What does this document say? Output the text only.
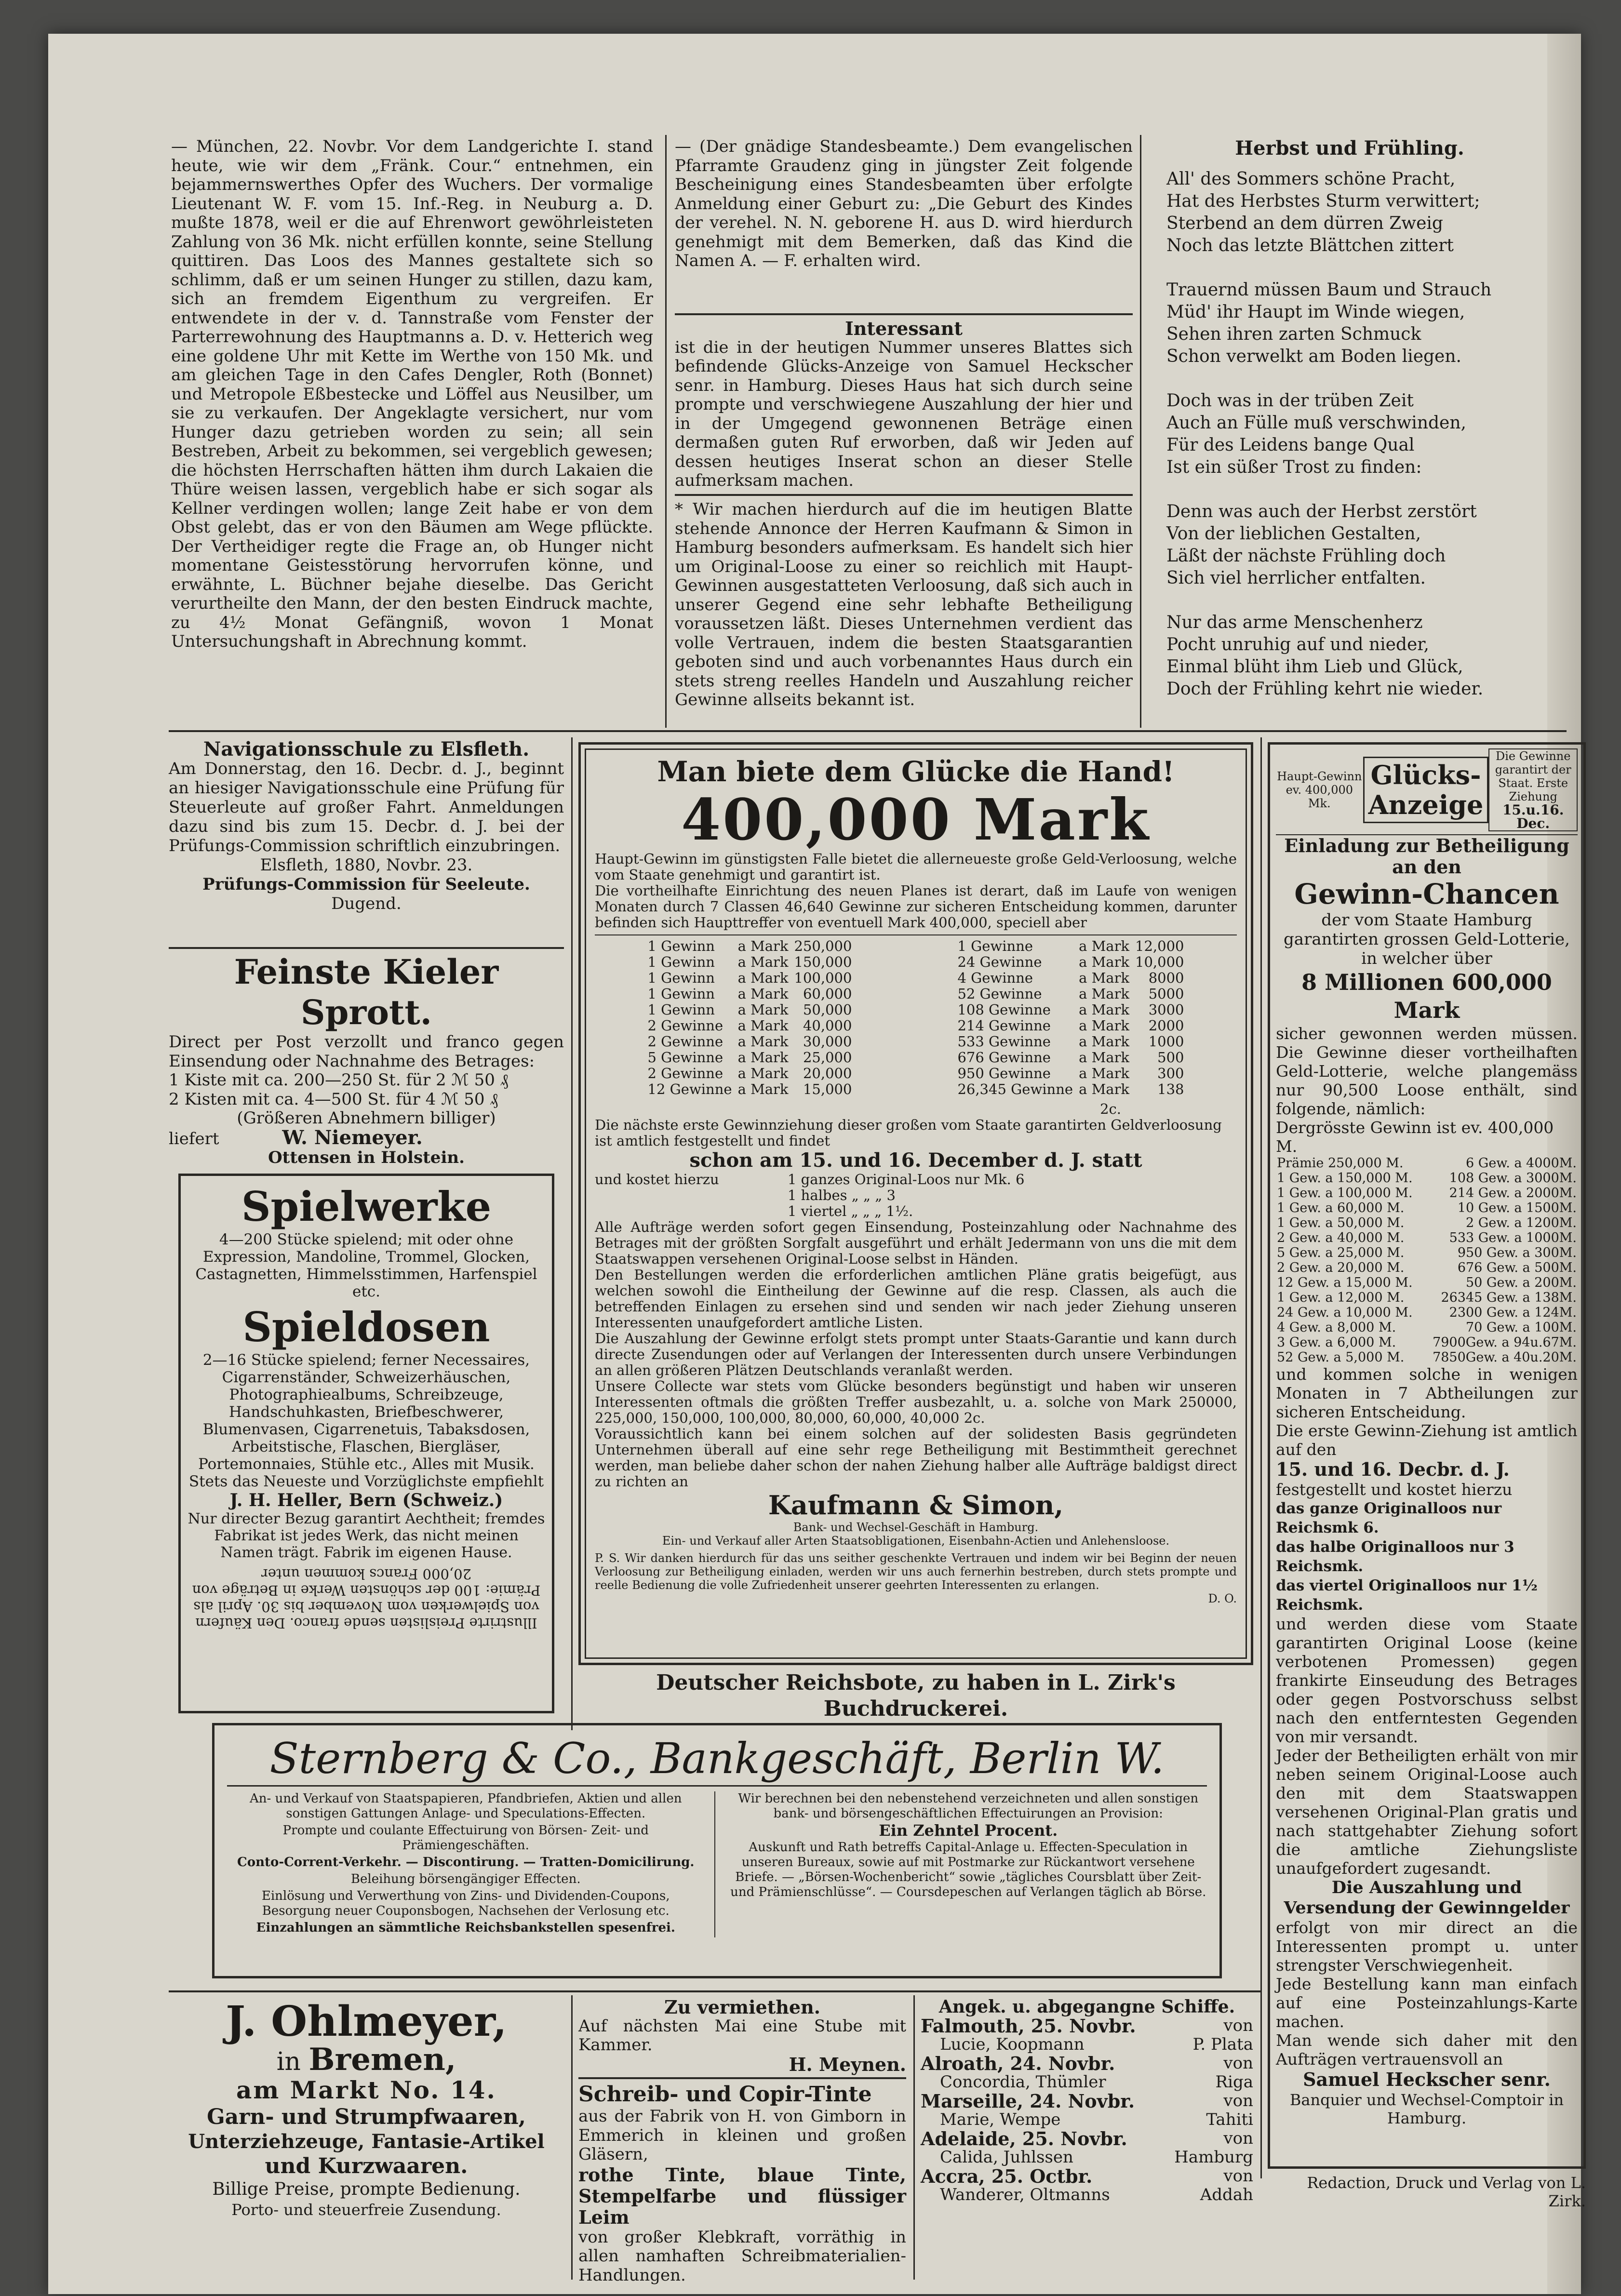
— München, 22. Novbr. Vor dem Landgerichte I. stand heute, wie wir dem „Fränk. Cour.“ entnehmen, ein bejammernswerthes Opfer des Wuchers. Der vormalige Lieutenant W. F. vom 15. Inf.-Reg. in Neuburg a. D. mußte 1878, weil er die auf Ehrenwort gewöhrleisteten Zahlung von 36 Mk. nicht erfüllen konnte, seine Stellung quittiren. Das Loos des Mannes gestaltete sich so schlimm, daß er um seinen Hunger zu stillen, dazu kam, sich an fremdem Eigenthum zu vergreifen. Er entwendete in der v. d. Tannstraße vom Fenster der Parterrewohnung des Hauptmanns a. D. v. Hetterich weg eine goldene Uhr mit Kette im Werthe von 150 Mk. und am gleichen Tage in den Cafes Dengler, Roth (Bonnet) und Metropole Eßbestecke und Löffel aus Neusilber, um sie zu verkaufen. Der Angeklagte versichert, nur vom Hunger dazu getrieben worden zu sein; all sein Bestreben, Arbeit zu bekommen, sei vergeblich gewesen; die höchsten Herrschaften hätten ihm durch Lakaien die Thüre weisen lassen, vergeblich habe er sich sogar als Kellner verdingen wollen; lange Zeit habe er von dem Obst gelebt, das er von den Bäumen am Wege pflückte. Der Vertheidiger regte die Frage an, ob Hunger nicht momentane Geistesstörung hervorrufen könne, und erwähnte, L. Büchner bejahe dieselbe. Das Gericht verurtheilte den Mann, der den besten Eindruck machte, zu 4½ Monat Gefängniß, wovon 1 Monat Untersuchungshaft in Abrechnung kommt.

— (Der gnädige Standesbeamte.) Dem evangelischen Pfarramte Graudenz ging in jüngster Zeit folgende Bescheinigung eines Standesbeamten über erfolgte Anmeldung einer Geburt zu: „Die Geburt des Kindes der verehel. N. N. geborene H. aus D. wird hierdurch genehmigt mit dem Bemerken, daß das Kind die Namen A. — F. erhalten wird.

Interessant

ist die in der heutigen Nummer unseres Blattes sich befindende Glücks-Anzeige von Samuel Heckscher senr. in Hamburg. Dieses Haus hat sich durch seine prompte und verschwiegene Auszahlung der hier und in der Umgegend gewonnenen Beträge einen dermaßen guten Ruf erworben, daß wir Jeden auf dessen heutiges Inserat schon an dieser Stelle aufmerksam machen.

* Wir machen hierdurch auf die im heutigen Blatte stehende Annonce der Herren Kaufmann & Simon in Hamburg besonders aufmerksam. Es handelt sich hier um Original-Loose zu einer so reichlich mit Haupt-Gewinnen ausgestatteten Verloosung, daß sich auch in unserer Gegend eine sehr lebhafte Betheiligung voraussetzen läßt. Dieses Unternehmen verdient das volle Vertrauen, indem die besten Staatsgarantien geboten sind und auch vorbenanntes Haus durch ein stets streng reelles Handeln und Auszahlung reicher Gewinne allseits bekannt ist.

Herbst und Frühling.
All' des Sommers schöne Pracht,
Hat des Herbstes Sturm verwittert;
Sterbend an dem dürren Zweig
Noch das letzte Blättchen zittert
Trauernd müssen Baum und Strauch
Müd' ihr Haupt im Winde wiegen,
Sehen ihren zarten Schmuck
Schon verwelkt am Boden liegen.
Doch was in der trüben Zeit
Auch an Fülle muß verschwinden,
Für des Leidens bange Qual
Ist ein süßer Trost zu finden:
Denn was auch der Herbst zerstört
Von der lieblichen Gestalten,
Läßt der nächste Frühling doch
Sich viel herrlicher entfalten.
Nur das arme Menschenherz
Pocht unruhig auf und nieder,
Einmal blüht ihm Lieb und Glück,
Doch der Frühling kehrt nie wieder.
Navigationsschule zu Elsfleth.

Am Donnerstag, den 16. Decbr. d. J., beginnt an hiesiger Navigationsschule eine Prüfung für Steuerleute auf großer Fahrt. Anmeldungen dazu sind bis zum 15. Decbr. d. J. bei der Prüfungs-Commission schriftlich einzubringen.

Elsfleth, 1880, Novbr. 23.
Prüfungs-Commission für Seeleute.
Dugend.
Feinste Kieler Sprott.

Direct per Post verzollt und franco gegen Einsendung oder Nachnahme des Betrages:

1 Kiste mit ca. 200—250 St. für 2 ℳ 50 ₰
2 Kisten mit ca. 4—500 St. für 4 ℳ 50 ₰
(Größeren Abnehmern billiger)
liefert	W. Niemeyer.
Ottensen in Holstein.
Spielwerke
4—200 Stücke spielend; mit oder ohne Expression, Mandoline, Trommel, Glocken, Castagnetten, Himmelsstimmen, Harfenspiel etc.
Spieldosen
2—16 Stücke spielend; ferner Necessaires, Cigarrenständer, Schweizerhäuschen, Photographiealbums, Schreibzeuge, Handschuhkasten, Briefbeschwerer, Blumenvasen, Cigarrenetuis, Tabaksdosen, Arbeitstische, Flaschen, Biergläser, Portemonnaies, Stühle etc., Alles mit Musik. Stets das Neueste und Vorzüglichste empfiehlt
J. H. Heller, Bern (Schweiz.)
Nur directer Bezug garantirt Aechtheit; fremdes Fabrikat ist jedes Werk, das nicht meinen Namen trägt. Fabrik im eigenen Hause.
Illustrirte Preislisten sende franco. Den Käufern von Spielwerken vom November bis 30. April als Prämie: 100 der schönsten Werke in Beträge von 20,000 Francs kommen unter
Man biete dem Glücke die Hand!
400,000 Mark
Haupt-Gewinn im günstigsten Falle bietet die allerneueste große Geld-Verloosung, welche vom Staate genehmigt und garantirt ist.
Die vortheilhafte Einrichtung des neuen Planes ist derart, daß im Laufe von wenigen Monaten durch 7 Classen 46,640 Gewinne zur sicheren Entscheidung kommen, darunter befinden sich Haupttreffer von eventuell Mark 400,000, speciell aber
1 Gewinn	a Mark	250,000
1 Gewinn	a Mark	150,000
1 Gewinn	a Mark	100,000
1 Gewinn	a Mark	60,000
1 Gewinn	a Mark	50,000
2 Gewinne	a Mark	40,000
2 Gewinne	a Mark	30,000
5 Gewinne	a Mark	25,000
2 Gewinne	a Mark	20,000
12 Gewinne	a Mark	15,000
1 Gewinne	a Mark	12,000
24 Gewinne	a Mark	10,000
4 Gewinne	a Mark	8000
52 Gewinne	a Mark	5000
108 Gewinne	a Mark	3000
214 Gewinne	a Mark	2000
533 Gewinne	a Mark	1000
676 Gewinne	a Mark	500
950 Gewinne	a Mark	300
26,345 Gewinne	a Mark	138
2c.
Die nächste erste Gewinnziehung dieser großen vom Staate garantirten Geldverloosung ist amtlich festgestellt und findet
schon am 15. und 16. December d. J. statt
und kostet hierzu	1 ganzes Original-Loos nur Mk. 6
1 halbes „ „ „ 3
1 viertel „ „ „ 1½.
Alle Aufträge werden sofort gegen Einsendung, Posteinzahlung oder Nachnahme des Betrages mit der größten Sorgfalt ausgeführt und erhält Jedermann von uns die mit dem Staatswappen versehenen Original-Loose selbst in Händen.
Den Bestellungen werden die erforderlichen amtlichen Pläne gratis beigefügt, aus welchen sowohl die Eintheilung der Gewinne auf die resp. Classen, als auch die betreffenden Einlagen zu ersehen sind und senden wir nach jeder Ziehung unseren Interessenten unaufgefordert amtliche Listen.
Die Auszahlung der Gewinne erfolgt stets prompt unter Staats-Garantie und kann durch directe Zusendungen oder auf Verlangen der Interessenten durch unsere Verbindungen an allen größeren Plätzen Deutschlands veranlaßt werden.
Unsere Collecte war stets vom Glücke besonders begünstigt und haben wir unseren Interessenten oftmals die größten Treffer ausbezahlt, u. a. solche von Mark 250000, 225,000, 150,000, 100,000, 80,000, 60,000, 40,000 2c.
Voraussichtlich kann bei einem solchen auf der solidesten Basis gegründeten Unternehmen überall auf eine sehr rege Betheiligung mit Bestimmtheit gerechnet werden, man beliebe daher schon der nahen Ziehung halber alle Aufträge baldigst direct zu richten an
Kaufmann & Simon,
Bank- und Wechsel-Geschäft in Hamburg.
Ein- und Verkauf aller Arten Staatsobligationen, Eisenbahn-Actien und Anlehensloose.
P. S. Wir danken hierdurch für das uns seither geschenkte Vertrauen und indem wir bei Beginn der neuen Verloosung zur Betheiligung einladen, werden wir uns auch fernerhin bestreben, durch stets prompte und reelle Bedienung die volle Zufriedenheit unserer geehrten Interessenten zu erlangen.
D. O.
Deutscher Reichsbote, zu haben in L. Zirk's Buchdruckerei.
Haupt-Gewinn ev. 400,000 Mk.
Glücks-
Anzeige
Die Gewinne garantirt der Staat. Erste Ziehung
15.u.16. Dec.
Einladung zur Betheiligung an den
Gewinn-Chancen
der vom Staate Hamburg garantirten grossen Geld-Lotterie, in welcher über
8 Millionen 600,000 Mark
sicher gewonnen werden müssen. Die Gewinne dieser vortheilhaften Geld-Lotterie, welche plangemäss nur 90,500 Loose enthält, sind folgende, nämlich:
Dergrösste Gewinn ist ev. 400,000 M.
Prämie 250,000 M.	6 Gew. a 4000M.
1 Gew. a 150,000 M.	108 Gew. a 3000M.
1 Gew. a 100,000 M.	214 Gew. a 2000M.
1 Gew. a 60,000 M.	10 Gew. a 1500M.
1 Gew. a 50,000 M.	2 Gew. a 1200M.
2 Gew. a 40,000 M.	533 Gew. a 1000M.
5 Gew. a 25,000 M.	950 Gew. a 300M.
2 Gew. a 20,000 M.	676 Gew. a 500M.
12 Gew. a 15,000 M.	50 Gew. a 200M.
1 Gew. a 12,000 M.	26345 Gew. a 138M.
24 Gew. a 10,000 M.	2300 Gew. a 124M.
4 Gew. a 8,000 M.	70 Gew. a 100M.
3 Gew. a 6,000 M.	7900Gew. a 94u.67M.
52 Gew. a 5,000 M.	7850Gew. a 40u.20M.
und kommen solche in wenigen Monaten in 7 Abtheilungen zur sicheren Entscheidung.
Die erste Gewinn-Ziehung ist amtlich auf den
15. und 16. Decbr. d. J.
festgestellt und kostet hierzu
das ganze Originalloos nur Reichsmk 6.
das halbe Originalloos nur 3 Reichsmk.
das viertel Originalloos nur 1½ Reichsmk.
und werden diese vom Staate garantirten Original Loose (keine verbotenen Promessen) gegen frankirte Einseudung des Betrages oder gegen Postvorschuss selbst nach den entferntesten Gegenden von mir versandt.
Jeder der Betheiligten erhält von mir neben seinem Original-Loose auch den mit dem Staatswappen versehenen Original-Plan gratis und nach stattgehabter Ziehung sofort die amtliche Ziehungsliste unaufgefordert zugesandt.
Die Auszahlung und Versendung der Gewinngelder
erfolgt von mir direct an die Interessenten prompt u. unter strengster Verschwiegenheit.
Jede Bestellung kann man einfach auf eine Posteinzahlungs-Karte machen.
Man wende sich daher mit den Aufträgen vertrauensvoll an
Samuel Heckscher senr.
Banquier und Wechsel-Comptoir in Hamburg.
Sternberg & Co., Bankgeschäft, Berlin W.
An- und Verkauf von Staatspapieren, Pfandbriefen, Aktien und allen sonstigen Gattungen Anlage- und Speculations-Effecten.
Prompte und coulante Effectuirung von Börsen- Zeit- und Prämiengeschäften.
Conto-Corrent-Verkehr. — Discontirung. — Tratten-Domicilirung.
Beleihung börsengängiger Effecten.
Einlösung und Verwerthung von Zins- und Dividenden-Coupons, Besorgung neuer Couponsbogen, Nachsehen der Verlosung etc.
Einzahlungen an sämmtliche Reichsbankstellen spesenfrei.
Wir berechnen bei den nebenstehend verzeichneten und allen sonstigen bank- und börsengeschäftlichen Effectuirungen an Provision:
Ein Zehntel Procent.
Auskunft und Rath betreffs Capital-Anlage u. Effecten-Speculation in unseren Bureaux, sowie auf mit Postmarke zur Rückantwort versehene Briefe. — „Börsen-Wochenbericht“ sowie „tägliches Coursblatt über Zeit- und Prämienschlüsse“. — Coursdepeschen auf Verlangen täglich ab Börse.
J. Ohlmeyer,
in Bremen,
am Markt No. 14.
Garn- und Strumpfwaaren,
Unterziehzeuge, Fantasie-Artikel
und Kurzwaaren.
Billige Preise, prompte Bedienung.
Porto- und steuerfreie Zusendung.
Zu vermiethen.

Auf nächsten Mai eine Stube mit Kammer.

H. Meynen.
Schreib- und Copir-Tinte

aus der Fabrik von H. von Gimborn in Emmerich in kleinen und großen Gläsern,

rothe Tinte, blaue Tinte, Stempelfarbe und flüssiger Leim

von großer Klebkraft, vorräthig in allen namhaften Schreibmaterialien-Handlungen.

Angek. u. abgegangne Schiffe.
Falmouth, 25. Novbr.	von
Lucie, Koopmann	P. Plata
Alroath, 24. Novbr.	von
Concordia, Thümler	Riga
Marseille, 24. Novbr.	von
Marie, Wempe	Tahiti
Adelaide, 25. Novbr.	von
Calida, Juhlssen	Hamburg
Accra, 25. Octbr.	von
Wanderer, Oltmanns	Addah
Redaction, Druck und Verlag von L. Zirk.
